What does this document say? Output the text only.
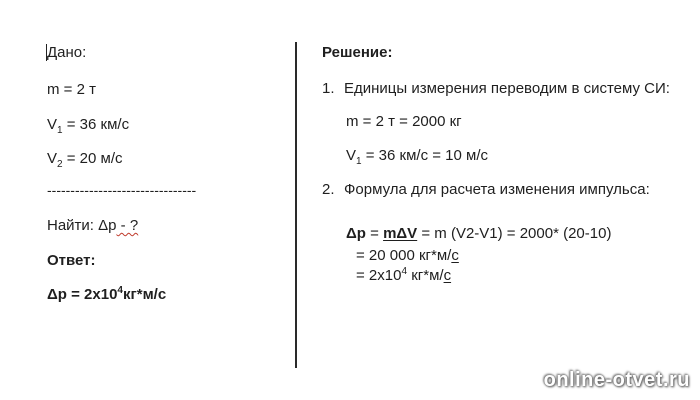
Дано:
m = 2 т
$V_1 = 36$ км/с
$V_2 = 20$ м/с
--------------------------------
Найти: Δp - ?
Ответ:
$\Delta p = 2х10^4кг*м/с$
Решение:
1. Единицы измерения переводим в систему СИ:
m = 2 т = 2000 кг
$V_1 = 36$ км/с = 10 м/с
2. Формула для расчета изменения импульса:
Δp = mΔV = m (V2-V1) = 2000* (20-10)
= 20 000 кг*м/с
= $2х10^4$ кг*м/с
online-otvet.ru
